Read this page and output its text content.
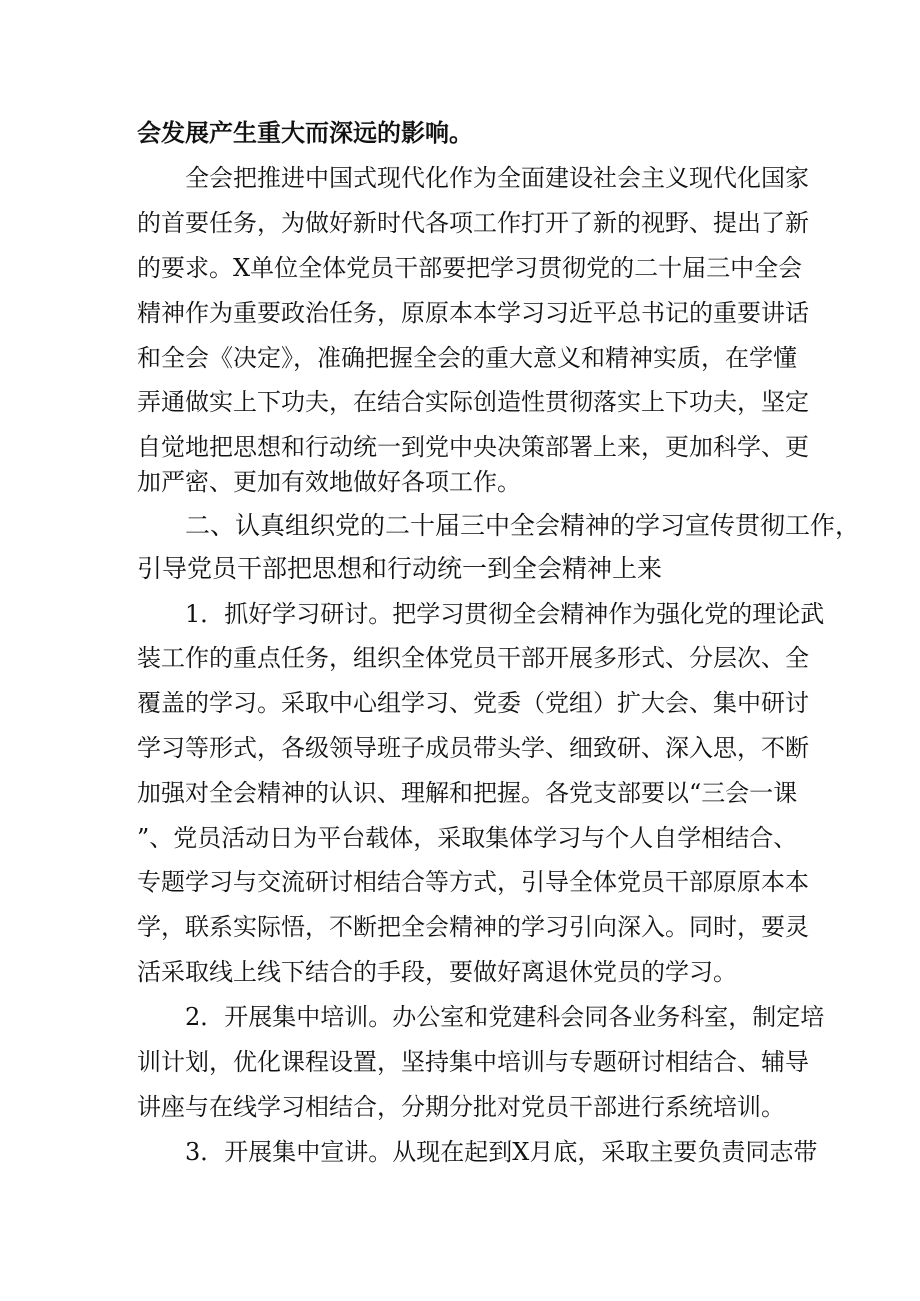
会发展产生重大而深远的影响。
全会把推进中国式现代化作为全面建设社会主义现代化国家
的首要任务，为做好新时代各项工作打开了新的视野、提出了新
的要求。X单位全体党员干部要把学习贯彻党的二十届三中全会
精神作为重要政治任务，原原本本学习习近平总书记的重要讲话
和全会《决定》，准确把握全会的重大意义和精神实质，在学懂
弄通做实上下功夫，在结合实际创造性贯彻落实上下功夫，坚定
自觉地把思想和行动统一到党中央决策部署上来，更加科学、更
加严密、更加有效地做好各项工作。
二、认真组织党的二十届三中全会精神的学习宣传贯彻工作，
引导党员干部把思想和行动统一到全会精神上来
1．抓好学习研讨。把学习贯彻全会精神作为强化党的理论武
装工作的重点任务，组织全体党员干部开展多形式、分层次、全
覆盖的学习。采取中心组学习、党委（党组）扩大会、集中研讨
学习等形式，各级领导班子成员带头学、细致研、深入思，不断
加强对全会精神的认识、理解和把握。各党支部要以“三会一课
”、党员活动日为平台载体，采取集体学习与个人自学相结合、
专题学习与交流研讨相结合等方式，引导全体党员干部原原本本
学，联系实际悟，不断把全会精神的学习引向深入。同时，要灵
活采取线上线下结合的手段，要做好离退休党员的学习。
2．开展集中培训。办公室和党建科会同各业务科室，制定培
训计划，优化课程设置，坚持集中培训与专题研讨相结合、辅导
讲座与在线学习相结合，分期分批对党员干部进行系统培训。
3．开展集中宣讲。从现在起到X月底，采取主要负责同志带
